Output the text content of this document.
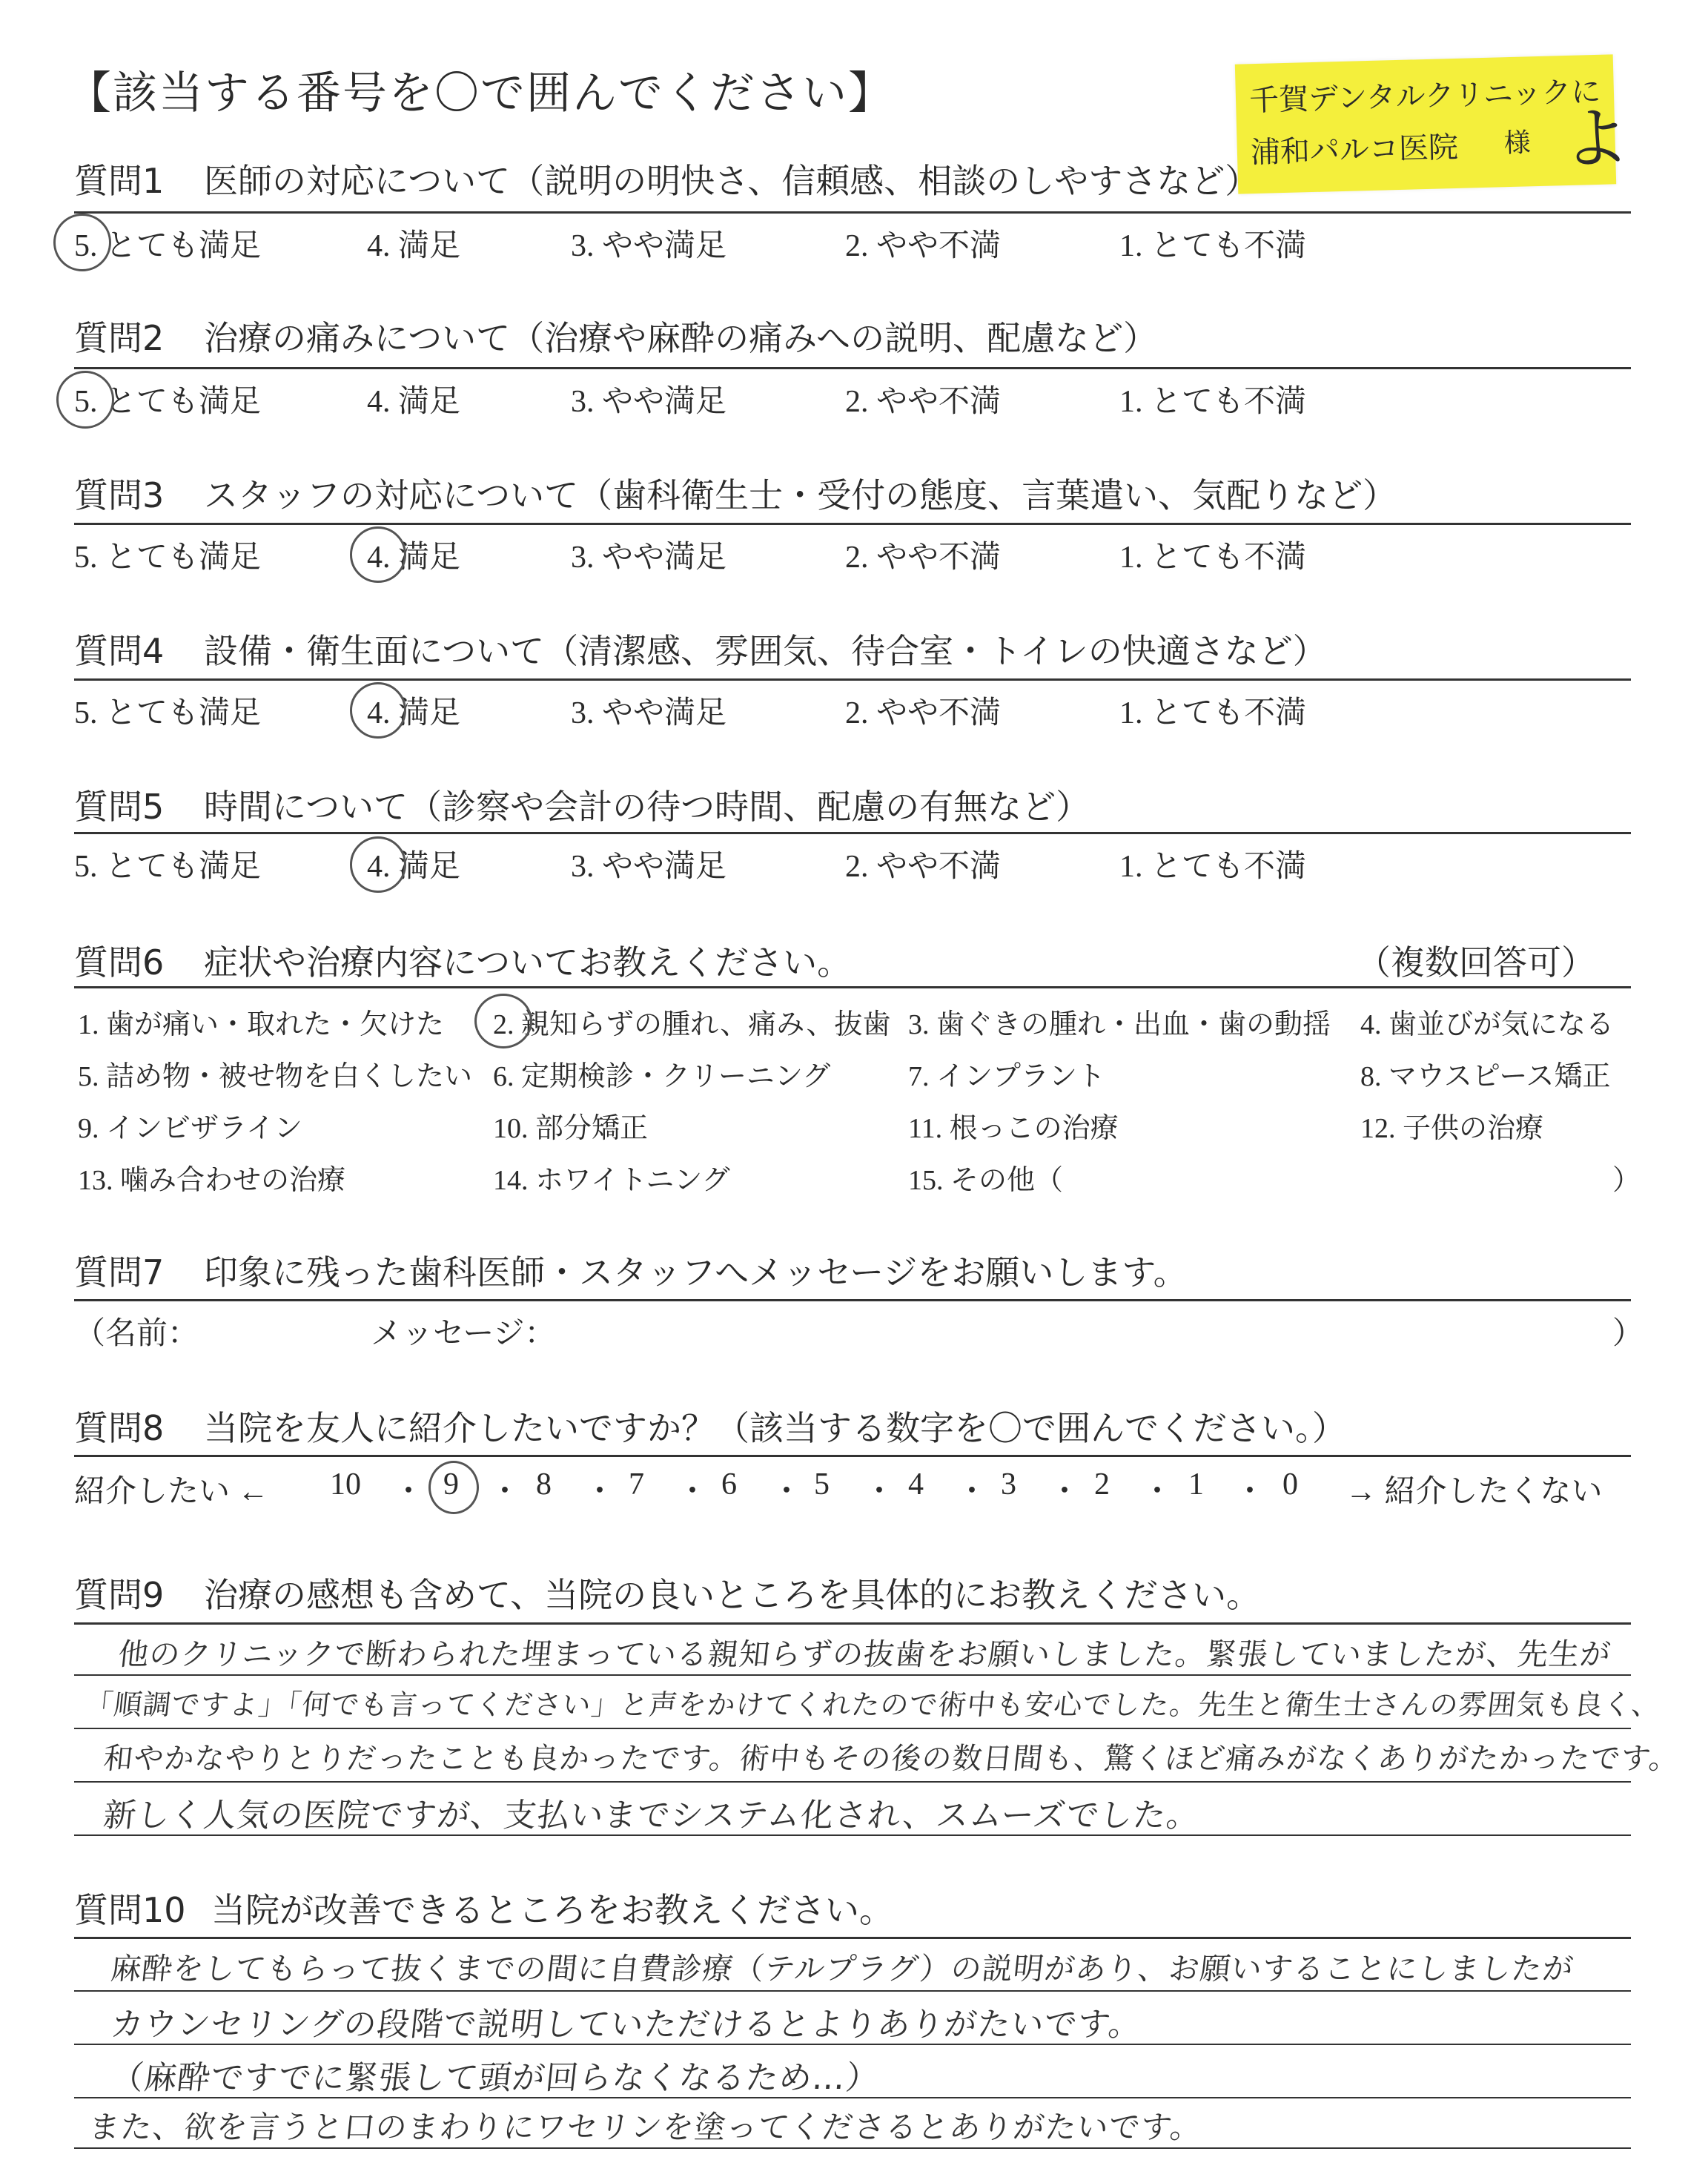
【該当する番号を〇で囲んでください】	千賀デンタルクリニックに
浦和パルコ医院 様 よ
質問1 医師の対応について（説明の明快さ、信頼感、相談のしやすさなど）
5. とても満足	4. 満足	3. やや満足	2. やや不満	1. とても不満
質問2 治療の痛みについて（治療や麻酔の痛みへの説明、配慮など）
5. とても満足	4. 満足	3. やや満足	2. やや不満	1. とても不満
質問3 スタッフの対応について（歯科衛生士・受付の態度、言葉遣い、気配りなど）
5. とても満足	4. 満足	3. やや満足	2. やや不満	1. とても不満
質問4 設備・衛生面について（清潔感、雰囲気、待合室・トイレの快適さなど）
5. とても満足	4. 満足	3. やや満足	2. やや不満	1. とても不満
質問5 時間について（診察や会計の待つ時間、配慮の有無など）
5. とても満足	4. 満足	3. やや満足	2. やや不満	1. とても不満
質問6 症状や治療内容についてお教えください。	（複数回答可）
1. 歯が痛い・取れた・欠けた 2. 親知らずの腫れ、痛み、抜歯 3. 歯ぐきの腫れ・出血・歯の動揺 4. 歯並びが気になる
5. 詰め物・被せ物を白くしたい 6. 定期検診・クリーニング	7. インプラント	8. マウスピース矯正
9. インビザライン	10. 部分矯正	11. 根っこの治療	12. 子供の治療
13. 噛み合わせの治療	14. ホワイトニング	15. その他（	）
質問7 印象に残った歯科医師・スタッフへメッセージをお願いします。
（名前：	メッセージ：	）
質問8 当院を友人に紹介したいですか？（該当する数字を〇で囲んでください。）
紹介したい ← 10 ・ 9 ・ 8 ・ 7 ・ 6 ・ 5 ・ 4 ・ 3 ・ 2 ・ 1 ・ 0 → 紹介したくない
質問9 治療の感想も含めて、当院の良いところを具体的にお教えください。
他のクリニックで断わられた埋まっている親知らずの抜歯をお願いしました。緊張していましたが、先生が
「順調ですよ」「何でも言ってください」と声をかけてくれたので術中も安心でした。先生と衛生士さんの雰囲気も良く、
和やかなやりとりだったことも良かったです。術中もその後の数日間も、驚くほど痛みがなくありがたかったです。
新しく人気の医院ですが、支払いまでシステム化され、スムーズでした。
質問10 当院が改善できるところをお教えください。
麻酔をしてもらって抜くまでの間に自費診療（テルプラグ）の説明があり、お願いすることにしましたが
カウンセリングの段階で説明していただけるとよりありがたいです。
（麻酔ですでに緊張して頭が回らなくなるため…）
また、欲を言うと口のまわりにワセリンを塗ってくださるとありがたいです。
